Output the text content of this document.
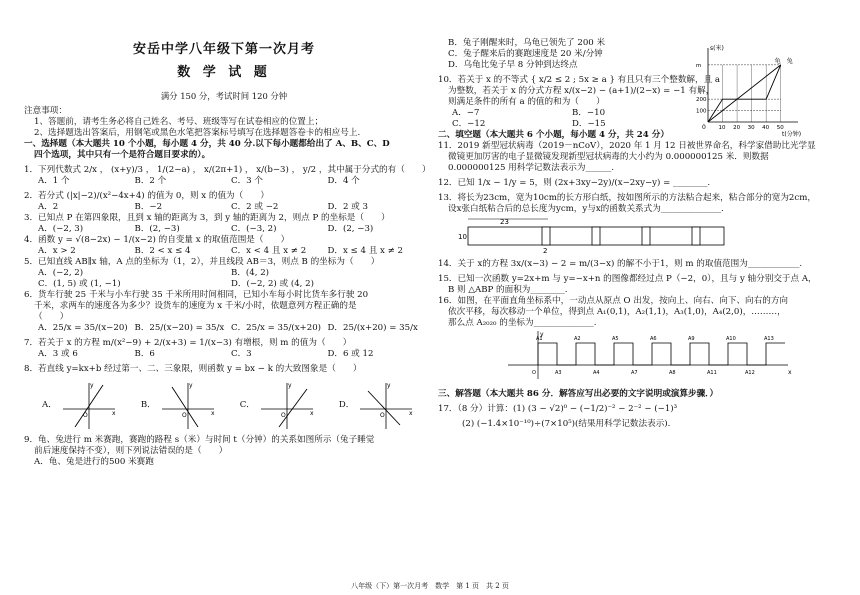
安岳中学八年级下第一次月考
数 学 试 题
满分 150 分，考试时间 120 分钟

注意事项：

1、答题前，请考生务必将自己姓名、考号、班级等写在试卷相应的位置上；

2、选择题选出答案后，用钢笔或黑色水笔把答案标号填写在选择题答卷卡的相应号上.

一、选择题（本大题共 10 个小题，每小题 4 分，共 40 分.以下每小题都给出了 A、B、C、D

四个选项，其中只有一个是符合题目要求的）。

1．下列代数式 2/x ， (x+y)/3 ， 1/(2−a) ， x/(2π+1) ， x/(b−3) ， y/2 ，其中属于分式的有（　　）

A．1 个	B．2 个	C．3 个	D．4 个

2．若分式 (|x|−2)/(x²−4x+4) 的值为 0，则 x 的值为（　　）

A．2	B．−2	C．2 或 −2	D．2 或 3

3．已知点 P 在第四象限，且到 x 轴的距离为 3，到 y 轴的距离为 2，则点 P 的坐标是（　　）

A．(−2, 3)	B．(2, −3)	C．(−3, 2)	D．(2, −3)

4．函数 y = √(8−2x) − 1/(x−2) 的自变量 x 的取值范围是（　　）

A．x > 2	B．2 < x ≤ 4	C．x < 4 且 x ≠ 2	D．x ≤ 4 且 x ≠ 2

5．已知直线 AB∥x 轴，A 点的坐标为（1，2），并且线段 AB＝3，则点 B 的坐标为（　　）

A．(−2, 2)	B．(4, 2)
C．(1, 5) 或 (1, −1)	D．(−2, 2) 或 (4, 2)

6．货车行驶 25 千米与小车行驶 35 千米所用时间相同，已知小车每小时比货车多行驶 20

千米，求两车的速度各为多少？设货车的速度为 x 千米/小时，依题意列方程正确的是

（　　）

A．25/x = 35/(x−20) B．25/(x−20) = 35/x C．25/x = 35/(x+20) D．25/(x+20) = 35/x

7．若关于 x 的方程 m/(x²−9) + 2/(x+3) = 1/(x−3) 有增根，则 m 的值为（　　）

A．3 或 6	B．6	C．3	D．6 或 12

8．若直线 y=kx+b 经过第一、二、三象限，则函数 y = bx − k 的大致图象是（　　）

A．
O
y
x
B．
O
y
x
C．
O
y
x
D．
O
y
x

9．龟、兔进行 m 米赛跑，赛跑的路程 s（米）与时间 t（分钟）的关系如图所示（兔子睡觉

前后速度保持不变），则下列说法错误的是（　　）

A．龟、兔是进行的500 米赛跑

B．兔子刚醒来时，乌龟已领先了 200 米

C．兔子醒来后的赛跑速度是 20 米/分钟

D．乌龟比兔子早 8 分钟到达终点

10．若关于 x 的不等式 { x/2 ≤ 2 ; 5x ≥ a } 有且只有三个整数解，且 a

为整数，若关于 x 的分式方程 x/(x−2) − (a+1)/(2−x) = −1 有解，

则满足条件的所有 a 的值的和为（　　）

A．−7	B．−10
C．−12	D．−15

二、填空题（本大题共 6 个小题，每小题 4 分，共 24 分）

11．2019 新型冠状病毒（2019－nCoV），2020 年 1 月 12 日被世界命名，科学家借助比光学显

微镜更加厉害的电子显微镜发现新型冠状病毒的大小约为 0.000000125 米．则数据

0.000000125 用科学记数法表示为______.

12．已知 1/x − 1/y = 5，则 (2x+3xy−2y)/(x−2xy−y) = ________.

13．将长为23cm，宽为10cm的长方形白纸，按如图所示的方法粘合起来，粘合部分的宽为2cm，

设x张白纸粘合后的总长度为ycm，y与x的函数关系式为______________.

23
10
2

14．关于 x的方程 3x/(x−3) − 2 = m/(3−x) 的解不小于1，则 m 的取值范围为____________.

15．已知一次函数 y=2x+m 与 y=−x+n 的图像都经过点 P（−2，0），且与 y 轴分别交于点 A，

B 则 △ABP 的面积为________.

16．如图，在平面直角坐标系中，一动点从原点 O 出发，按向上、向右、向下、向右的方向

依次平移，每次移动一个单位，得到点 A₁(0,1)，A₂(1,1)，A₃(1,0)，A₄(2,0)，………，

那么点 A₂₀₂₀ 的坐标为______________.

x
y
A1	A2	A5	A6	A9	A10	A13
O	A3	A4	A7	A8	A11	A12

三、解答题（本大题共 86 分．解答应写出必要的文字说明或演算步骤．）

17．（8 分）计算：(1) (3 − √2)⁰ − (−1/2)⁻² − 2⁻² − (−1)³

(2) (−1.4×10⁻¹⁰)÷(7×10⁵)(结果用科学记数法表示).

s(米)
t(分钟)
0
m
200
100
10 20 30 40 50
龟 兔
八年级（下）第一次月考　数学　第 1 页　共 2 页
